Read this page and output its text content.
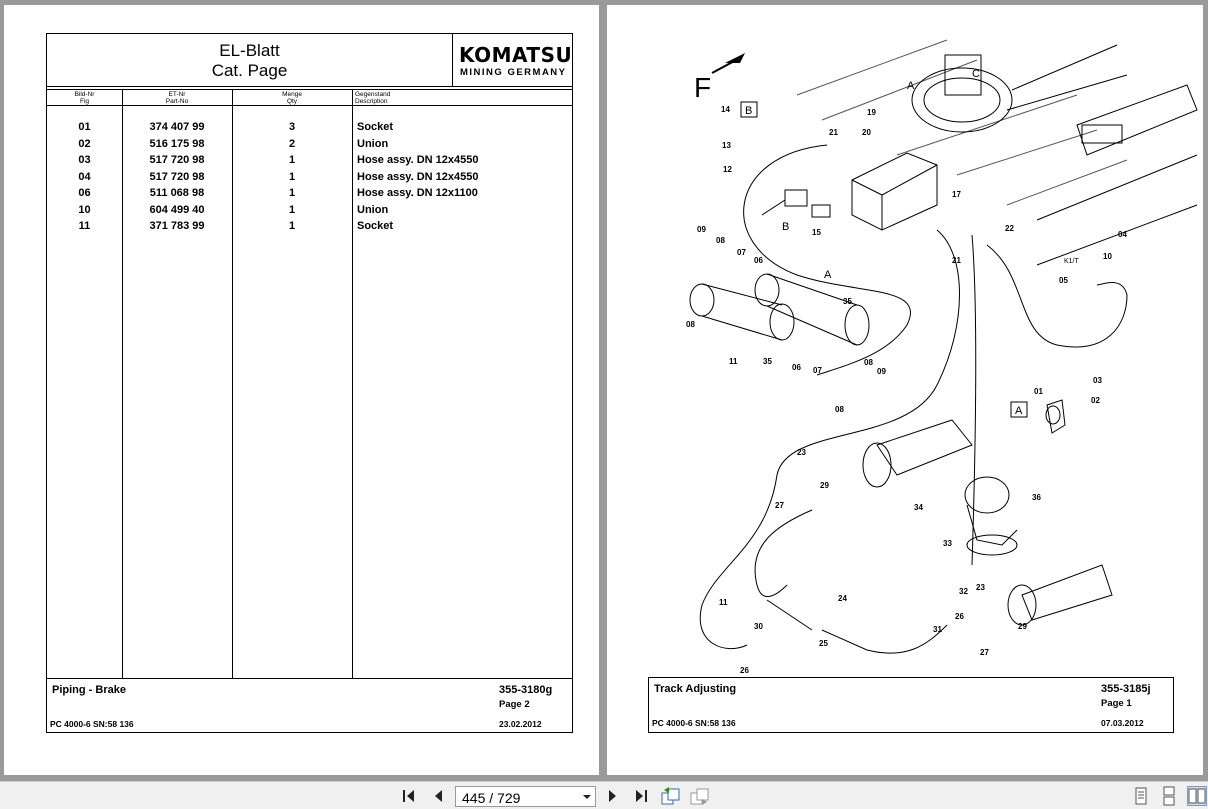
EL-Blatt
Cat. Page
KOMATSU
MINING GERMANY
Bild-Nr
Fig
ET-Nr
Part-No
Menge
Qty
Gegenstand
Description
01	374 407 99	3	Socket
02	516 175 98	2	Union
03	517 720 98	1	Hose assy. DN 12x4550
04	517 720 98	1	Hose assy. DN 12x4550
06	511 068 98	1	Hose assy. DN 12x1100
10	604 499 40	1	Union
11	371 783 99	1	Socket
Piping - Brake	355-3180g
Page 2
PC 4000-6 SN:58 136	23.02.2012
F
14
13
12
19
20
21
17
15
21
22
04
10
05
09
08
07
06
35
08
11	35
06 07
08
09
08
01
03
02
23
29
36
27	34
33
32 23
24
26
31	29
11
30
25
26
27
B
B
A
C
A
A
K1/T
Track Adjusting	355-3185j
Page 1
PC 4000-6 SN:58 136	07.03.2012
445 / 729
